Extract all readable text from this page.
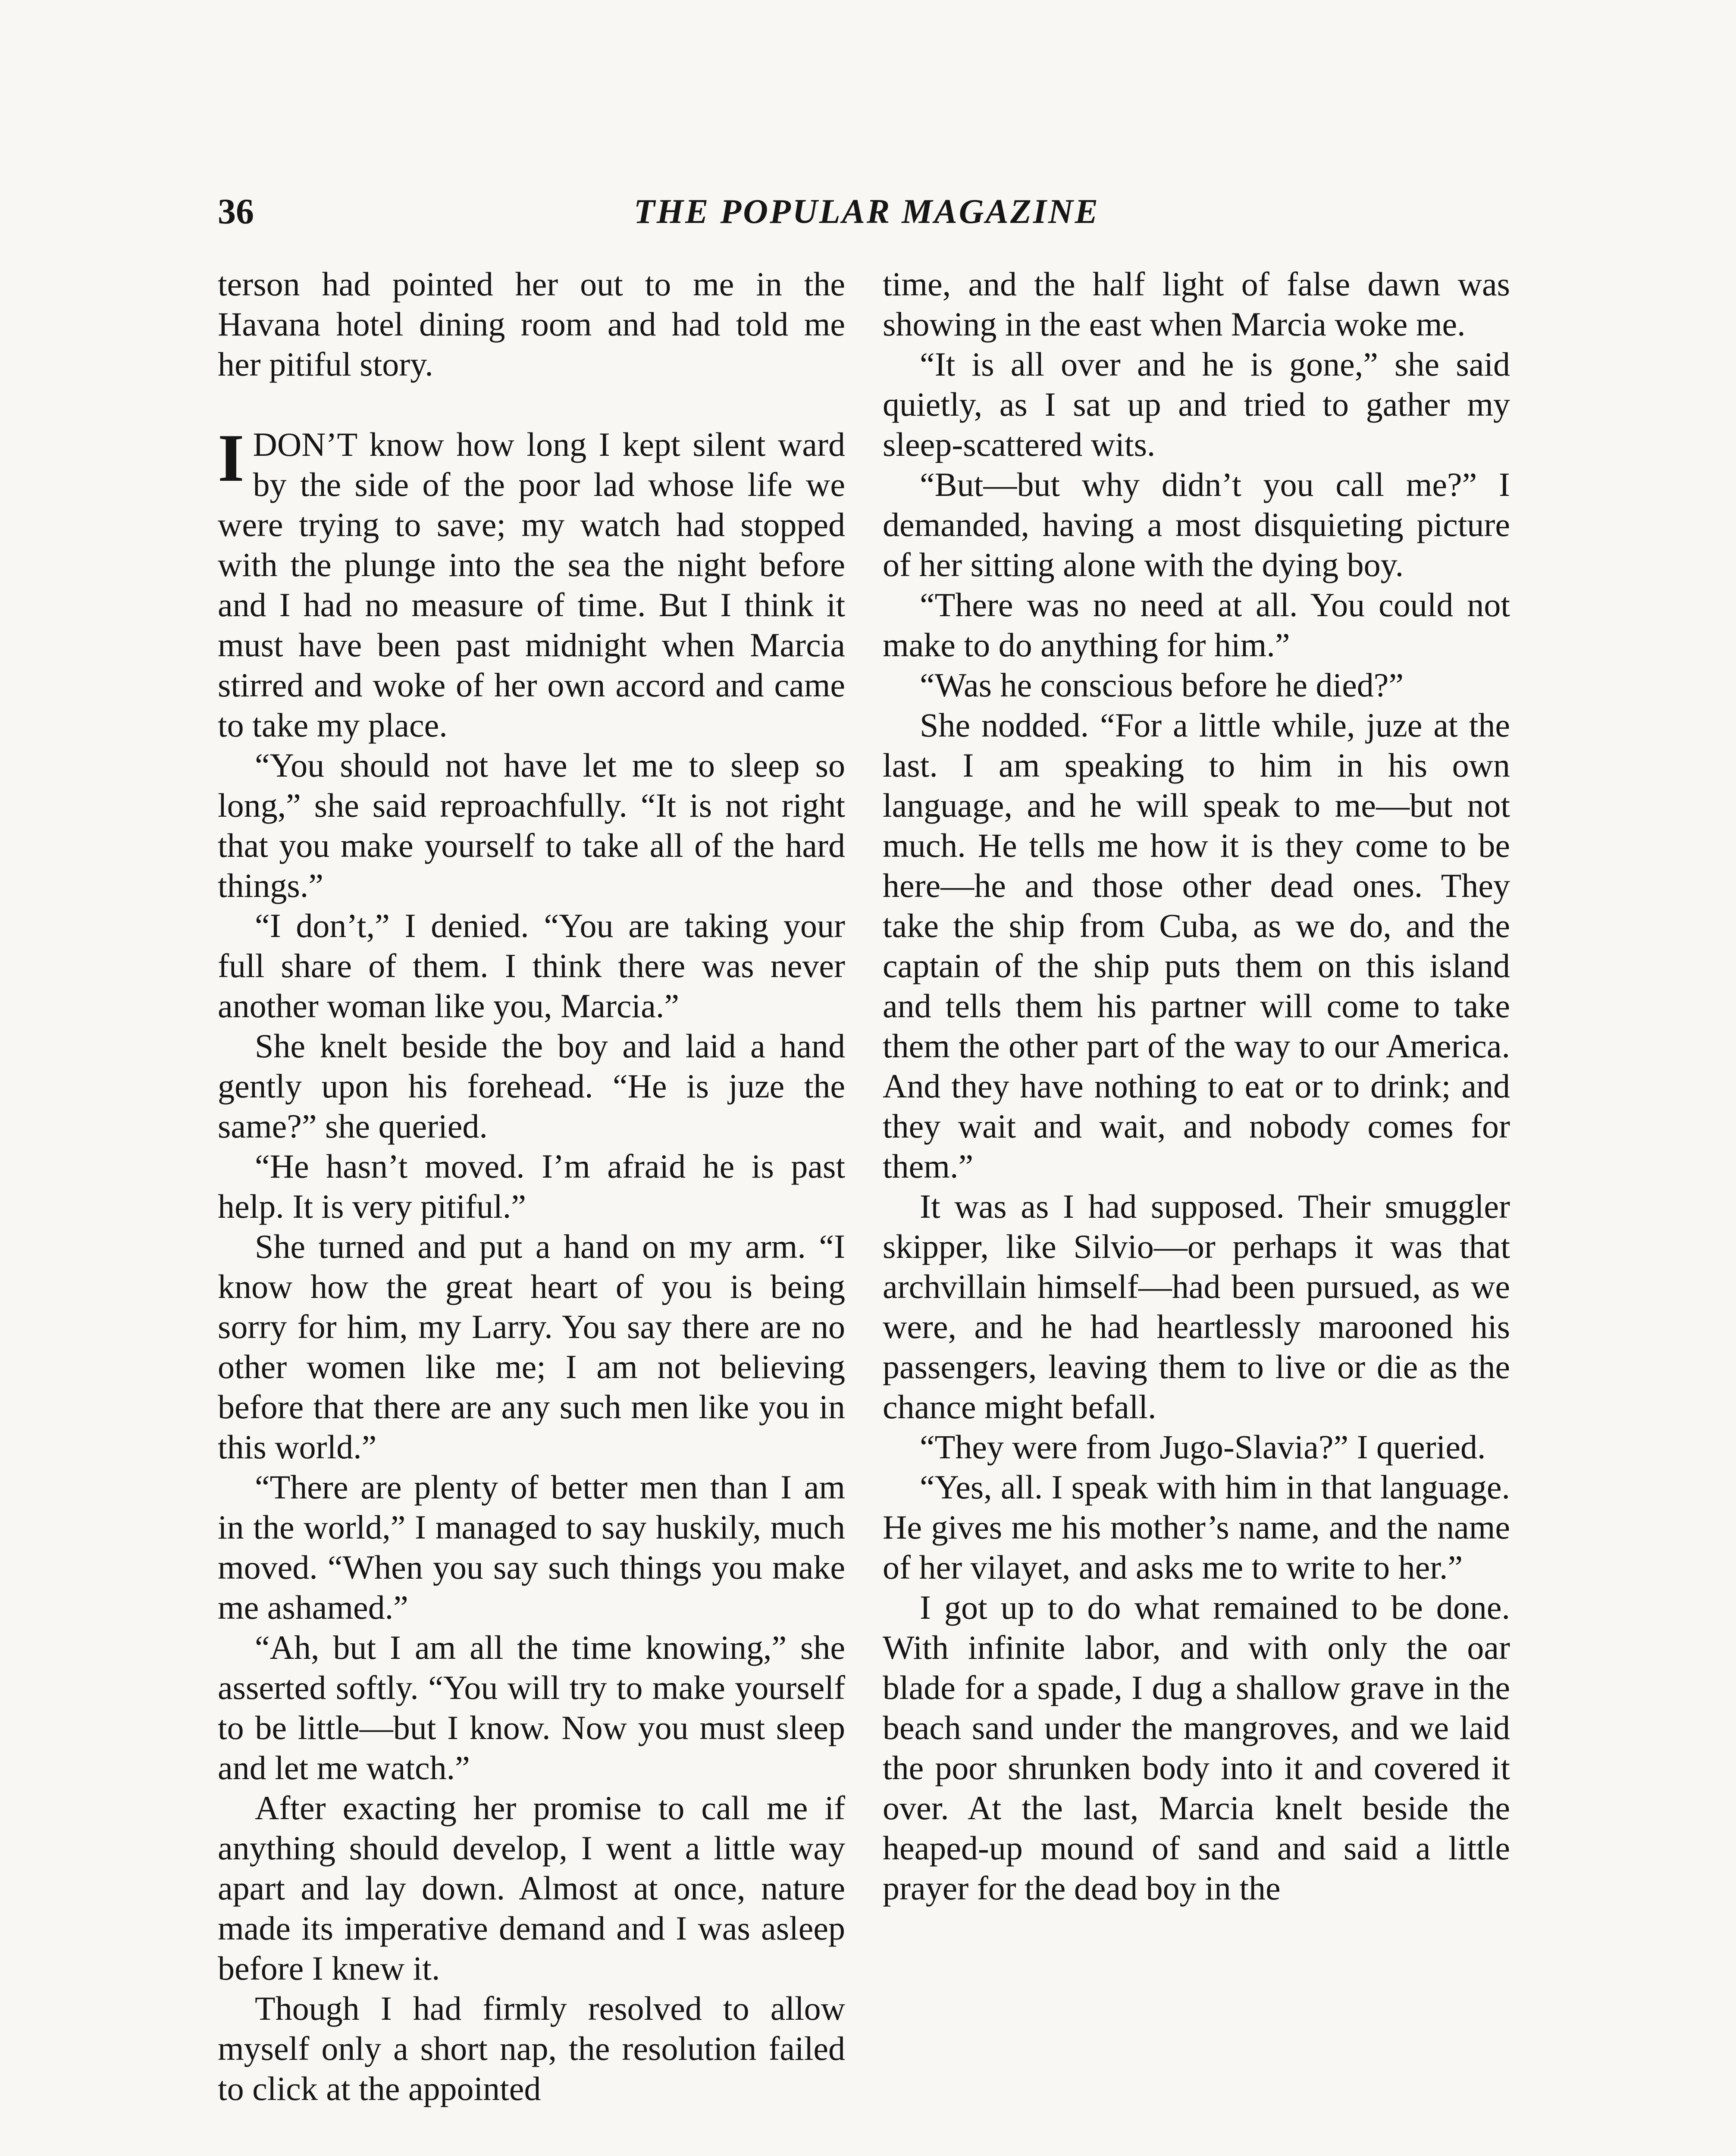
36	THE POPULAR MAGAZINE

terson had pointed her out to me in the Havana hotel dining room and had told me her pitiful story.

IDON’T know how long I kept silent ward by the side of the poor lad whose life we were trying to save; my watch had stopped with the plunge into the sea the night before and I had no measure of time. But I think it must have been past midnight when Marcia stirred and woke of her own accord and came to take my place.

“You should not have let me to sleep so long,” she said reproachfully. “It is not right that you make yourself to take all of the hard things.”

“I don’t,” I denied. “You are taking your full share of them. I think there was never another woman like you, Marcia.”

She knelt beside the boy and laid a hand gently upon his forehead. “He is juze the same?” she queried.

“He hasn’t moved. I’m afraid he is past help. It is very pitiful.”

She turned and put a hand on my arm. “I know how the great heart of you is being sorry for him, my Larry. You say there are no other women like me; I am not believing before that there are any such men like you in this world.”

“There are plenty of better men than I am in the world,” I managed to say huskily, much moved. “When you say such things you make me ashamed.”

“Ah, but I am all the time knowing,” she asserted softly. “You will try to make yourself to be little—but I know. Now you must sleep and let me watch.”

After exacting her promise to call me if anything should develop, I went a little way apart and lay down. Almost at once, nature made its imperative demand and I was asleep before I knew it.

Though I had firmly resolved to allow myself only a short nap, the resolution failed to click at the appointed

time, and the half light of false dawn was showing in the east when Marcia woke me.

“It is all over and he is gone,” she said quietly, as I sat up and tried to gather my sleep-scattered wits.

“But—but why didn’t you call me?” I demanded, having a most disquieting picture of her sitting alone with the dying boy.

“There was no need at all. You could not make to do anything for him.”

“Was he conscious before he died?”

She nodded. “For a little while, juze at the last. I am speaking to him in his own language, and he will speak to me—but not much. He tells me how it is they come to be here—he and those other dead ones. They take the ship from Cuba, as we do, and the captain of the ship puts them on this island and tells them his partner will come to take them the other part of the way to our America. And they have nothing to eat or to drink; and they wait and wait, and nobody comes for them.”

It was as I had supposed. Their smuggler skipper, like Silvio—or perhaps it was that archvillain himself—had been pursued, as we were, and he had heartlessly marooned his passengers, leaving them to live or die as the chance might befall.

“They were from Jugo-Slavia?” I queried.

“Yes, all. I speak with him in that language. He gives me his mother’s name, and the name of her vilayet, and asks me to write to her.”

I got up to do what remained to be done. With infinite labor, and with only the oar blade for a spade, I dug a shallow grave in the beach sand under the mangroves, and we laid the poor shrunken body into it and covered it over. At the last, Marcia knelt beside the heaped-up mound of sand and said a little prayer for the dead boy in the
